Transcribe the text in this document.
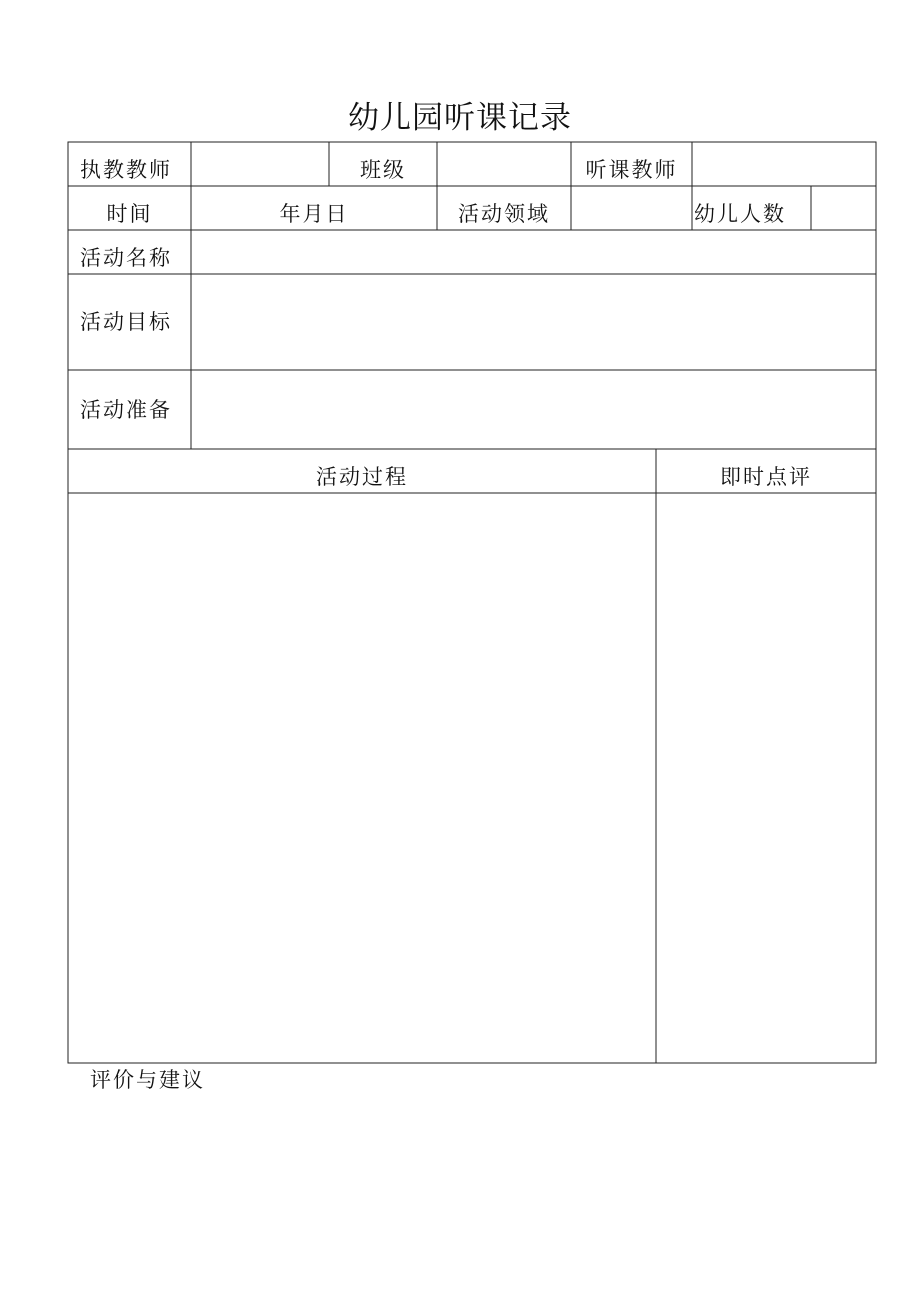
幼儿园听课记录
执教教师	班级	听课教师
时间	年月日	活动领域	幼儿人数
活动名称
活动目标
活动准备
活动过程	即时点评
评价与建议
